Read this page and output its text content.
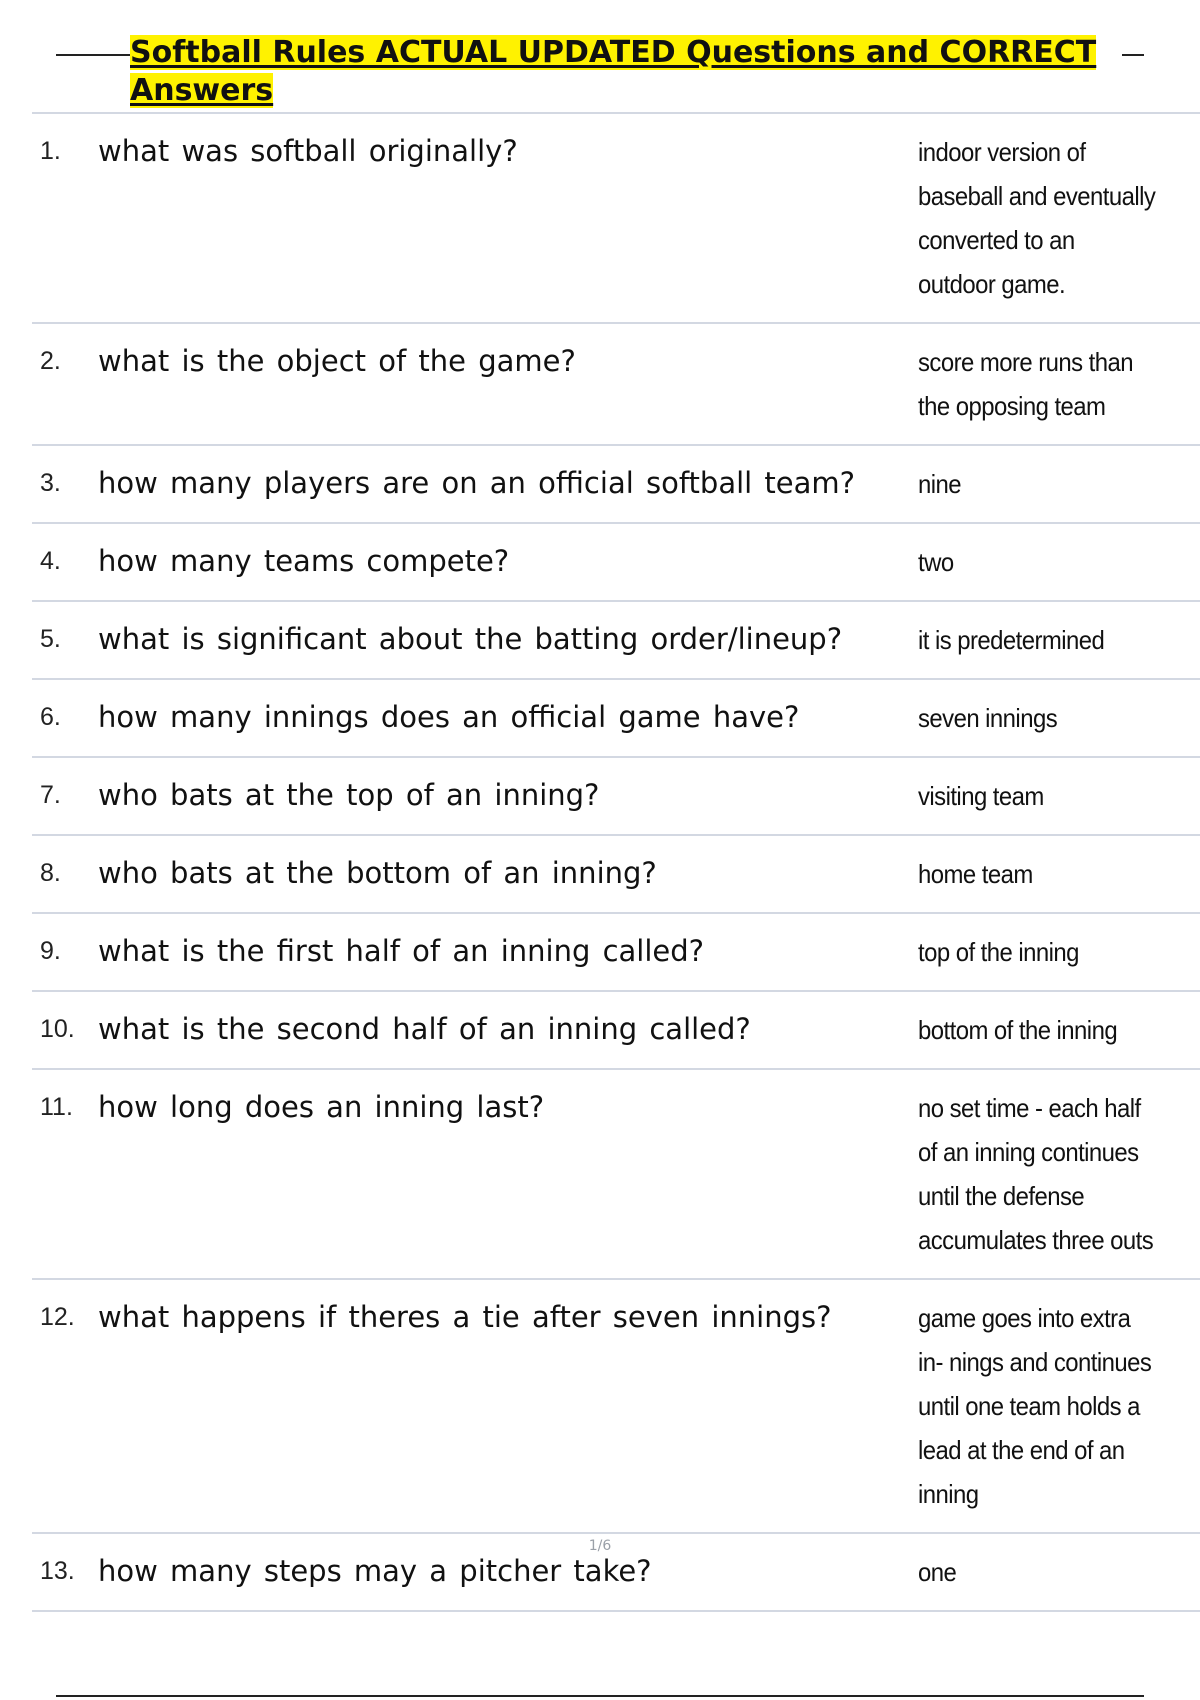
Softball Rules ACTUAL UPDATED Questions and CORRECT
Answers
1.	what was softball originally?	indoor version of baseball and eventually converted to an outdoor game.
2.	what is the object of the game?	score more runs than the opposing team
3.	how many players are on an official softball team?	nine
4.	how many teams compete?	two
5.	what is significant about the batting order/lineup?	it is predetermined
6.	how many innings does an official game have?	seven innings
7.	who bats at the top of an inning?	visiting team
8.	who bats at the bottom of an inning?	home team
9.	what is the first half of an inning called?	top of the inning
10. what is the second half of an inning called?	bottom of the inning
11. how long does an inning last?	no set time - each half of an inning continues until the defense accumulates three outs
12. what happens if theres a tie after seven innings?	game goes into extra in- nings and continues until one team holds a lead at the end of an inning
13. how many steps may a pitcher take?	one
1/6
